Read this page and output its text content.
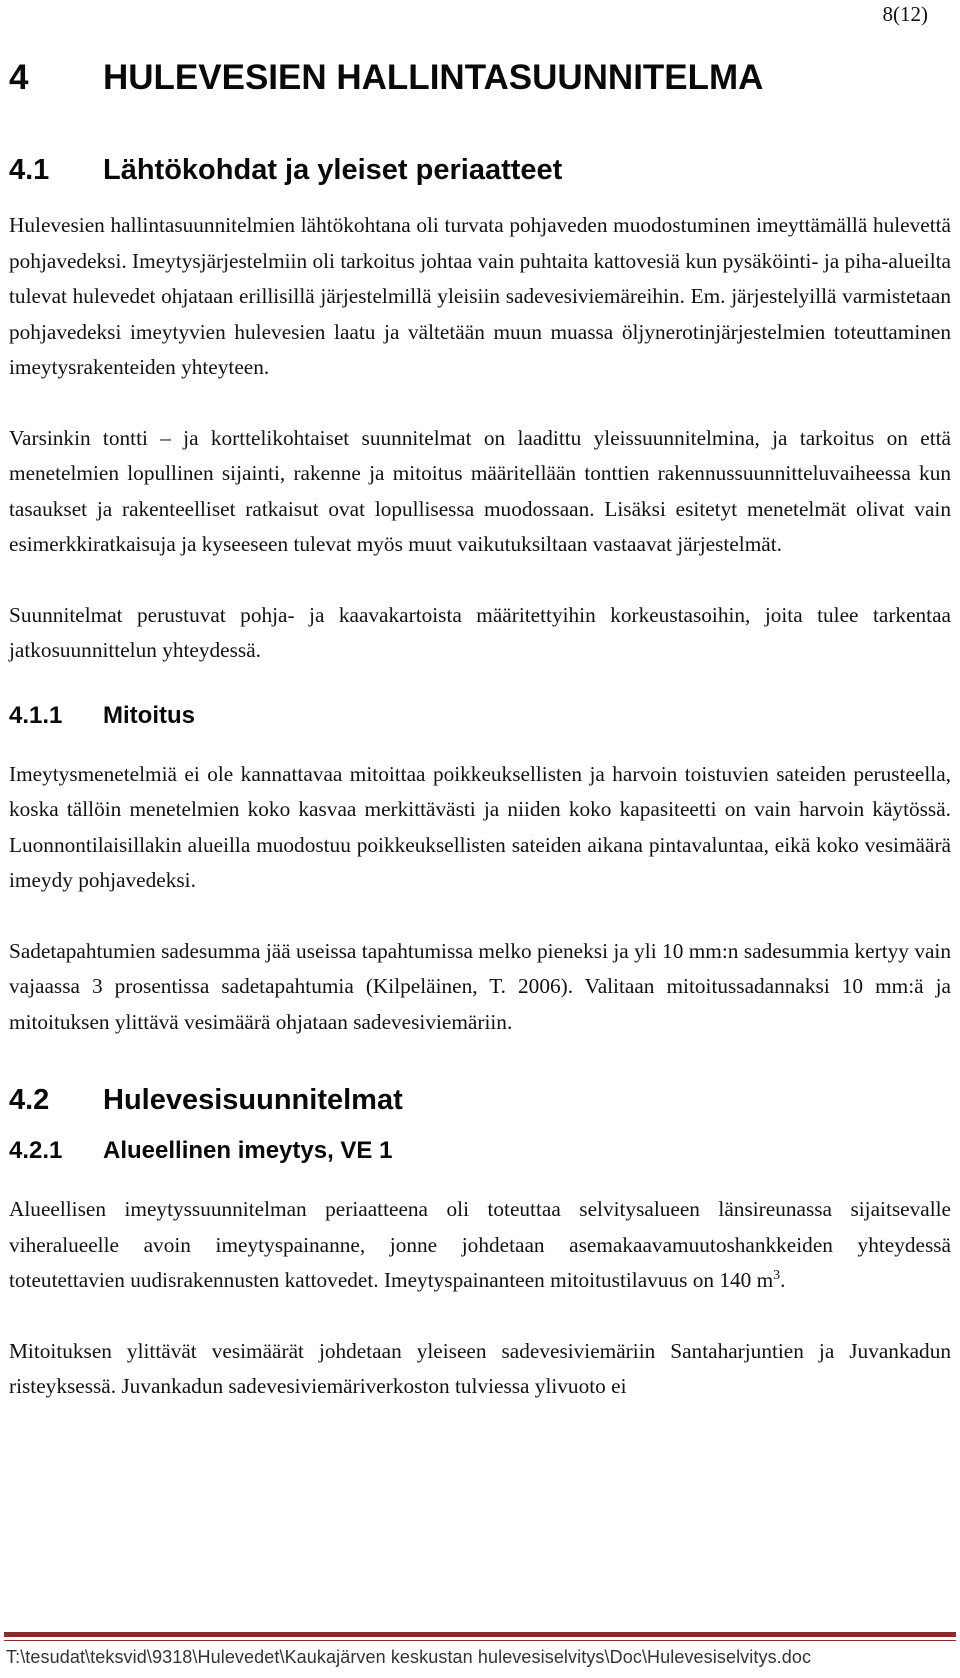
8(12)
4	HULEVESIEN HALLINTASUUNNITELMA
4.1	Lähtökohdat ja yleiset periaatteet

Hulevesien hallintasuunnitelmien lähtökohtana oli turvata pohjaveden muodostuminen imeyttämällä hulevettä pohjavedeksi. Imeytysjärjestelmiin oli tarkoitus johtaa vain puhtaita kattovesiä kun pysäköinti- ja piha-alueilta tulevat hulevedet ohjataan erillisillä järjestelmillä yleisiin sadevesiviemäreihin. Em. järjestelyillä varmistetaan pohjavedeksi imeytyvien hulevesien laatu ja vältetään muun muassa öljynerotinjärjestelmien toteuttaminen imeytysrakenteiden yhteyteen.

Varsinkin tontti – ja korttelikohtaiset suunnitelmat on laadittu yleissuunnitelmina, ja tarkoitus on että menetelmien lopullinen sijainti, rakenne ja mitoitus määritellään tonttien rakennussuunnitteluvaiheessa kun tasaukset ja rakenteelliset ratkaisut ovat lopullisessa muodossaan. Lisäksi esitetyt menetelmät olivat vain esimerkkiratkaisuja ja kyseeseen tulevat myös muut vaikutuksiltaan vastaavat järjestelmät.

Suunnitelmat perustuvat pohja- ja kaavakartoista määritettyihin korkeustasoihin, joita tulee tarkentaa jatkosuunnittelun yhteydessä.

4.1.1	Mitoitus

Imeytysmenetelmiä ei ole kannattavaa mitoittaa poikkeuksellisten ja harvoin toistuvien sateiden perusteella, koska tällöin menetelmien koko kasvaa merkittävästi ja niiden koko kapasiteetti on vain harvoin käytössä. Luonnontilaisillakin alueilla muodostuu poikkeuksellisten sateiden aikana pintavaluntaa, eikä koko vesimäärä imeydy pohjavedeksi.

Sadetapahtumien sadesumma jää useissa tapahtumissa melko pieneksi ja yli 10 mm:n sadesummia kertyy vain vajaassa 3 prosentissa sadetapahtumia (Kilpeläinen, T. 2006). Valitaan mitoitussadannaksi 10 mm:ä ja mitoituksen ylittävä vesimäärä ohjataan sadevesiviemäriin.

4.2	Hulevesisuunnitelmat
4.2.1	Alueellinen imeytys, VE 1

Alueellisen imeytyssuunnitelman periaatteena oli toteuttaa selvitysalueen länsireunassa sijaitsevalle viheralueelle avoin imeytyspainanne, jonne johdetaan asemakaavamuutoshankkeiden yhteydessä toteutettavien uudisrakennusten kattovedet. Imeytyspainanteen mitoitustilavuus on 140 $m^3$.

Mitoituksen ylittävät vesimäärät johdetaan yleiseen sadevesiviemäriin Santaharjuntien ja Juvankadun risteyksessä. Juvankadun sadevesiviemäriverkoston tulviessa ylivuoto ei

T:\tesudat\teksvid\9318\Hulevedet\Kaukajärven keskustan hulevesiselvitys\Doc\Hulevesiselvitys.doc
